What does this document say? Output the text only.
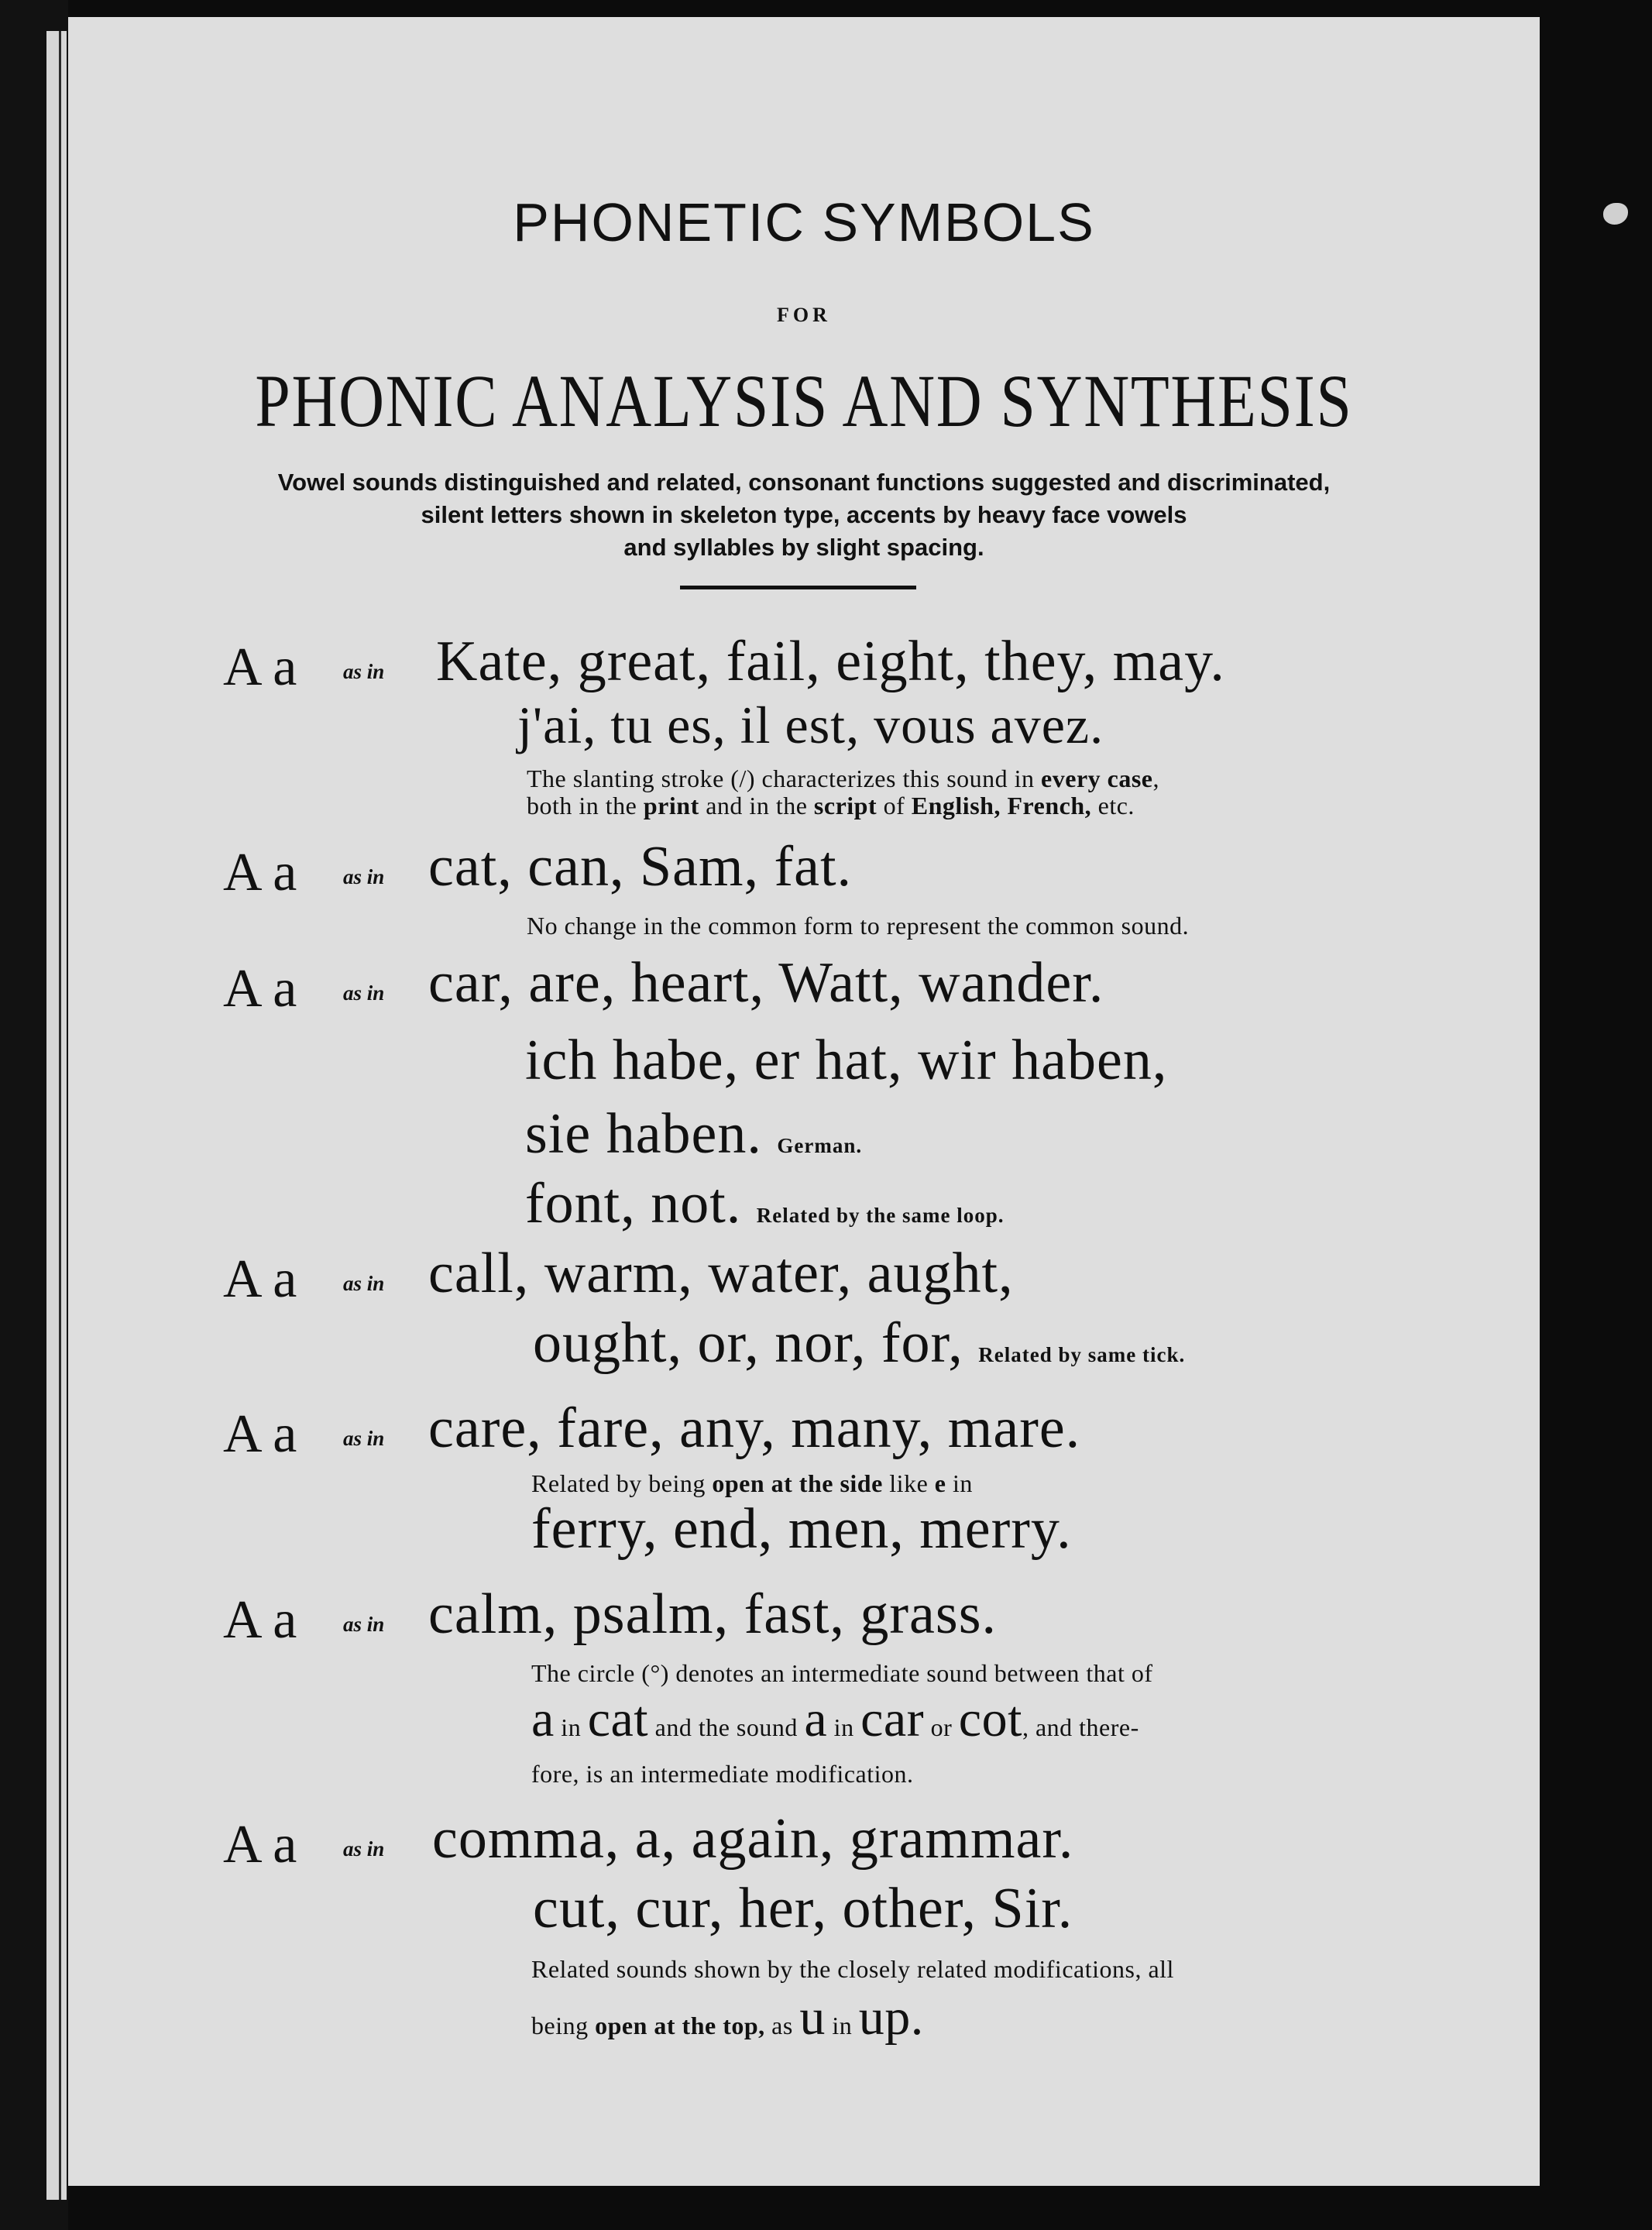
PHONETIC SYMBOLS
FOR
PHONIC ANALYSIS AND SYNTHESIS
Vowel sounds distinguished and related, consonant functions suggested and discriminated,
silent letters shown in skeleton type, accents by heavy face vowels
and syllables by slight spacing.
A a as in Kate, great, fail, eight, they, may.
j'ai, tu es, il est, vous avez.
The slanting stroke (/) characterizes this sound in every case,
both in the print and in the script of English, French, etc.
A a as in cat, can, Sam, fat.
No change in the common form to represent the common sound.
A a as in car, are, heart, Watt, wander.
ich habe, er hat, wir haben,
sie haben. German.
font, not. Related by the same loop.
A a as in call, warm, water, aught,
ought, or, nor, for, Related by same tick.
A a as in care, fare, any, many, mare.
Related by being open at the side like e in
ferry, end, men, merry.
A a as in calm, psalm, fast, grass.
The circle (°) denotes an intermediate sound between that of
a in cat and the sound a in car or cot, and there-
fore, is an intermediate modification.
A a as in comma, a, again, grammar.
cut, cur, her, other, Sir.
Related sounds shown by the closely related modifications, all
being open at the top, as u in up.
